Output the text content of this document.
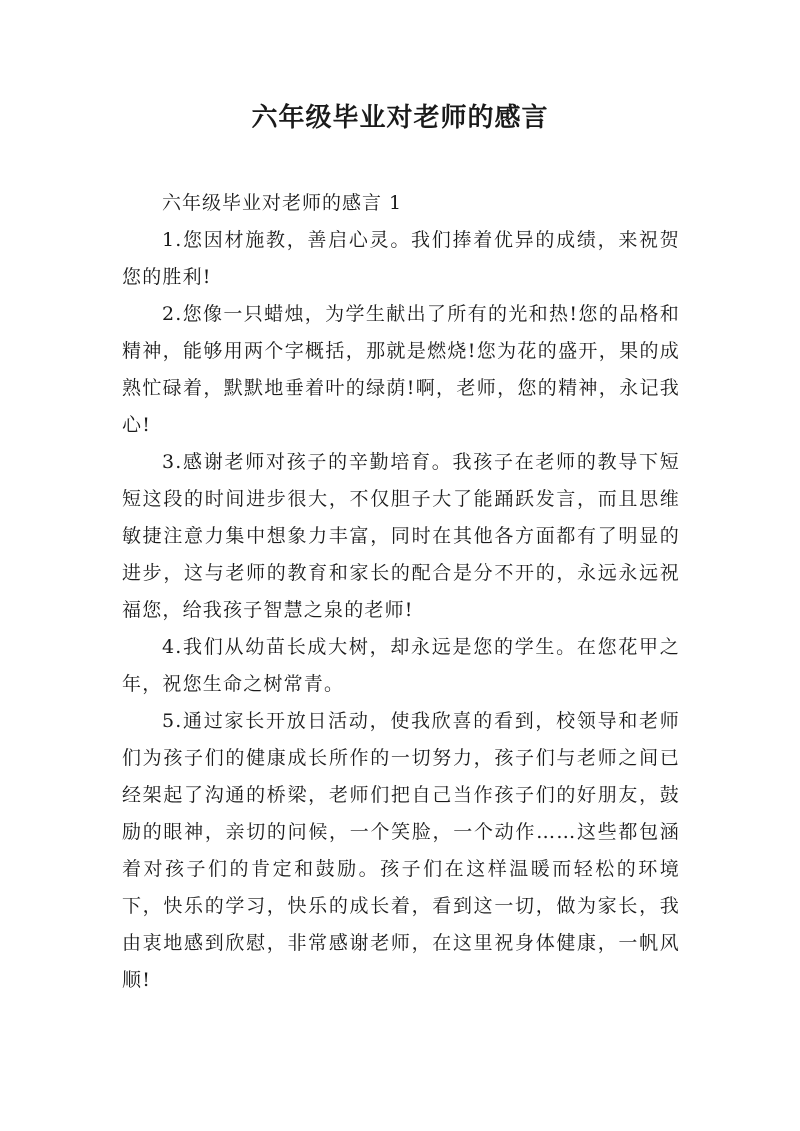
六年级毕业对老师的感言

六年级毕业对老师的感言 1

1.您因材施教，善启心灵。我们捧着优异的成绩，来祝贺您的胜利!

2.您像一只蜡烛，为学生献出了所有的光和热!您的品格和精神，能够用两个字概括，那就是燃烧!您为花的盛开，果的成熟忙碌着，默默地垂着叶的绿荫!啊，老师，您的精神，永记我心!

3.感谢老师对孩子的辛勤培育。我孩子在老师的教导下短短这段的时间进步很大，不仅胆子大了能踊跃发言，而且思维敏捷注意力集中想象力丰富，同时在其他各方面都有了明显的进步，这与老师的教育和家长的配合是分不开的，永远永远祝福您，给我孩子智慧之泉的老师!

4.我们从幼苗长成大树，却永远是您的学生。在您花甲之年，祝您生命之树常青。

5.通过家长开放日活动，使我欣喜的看到，校领导和老师们为孩子们的健康成长所作的一切努力，孩子们与老师之间已经架起了沟通的桥梁，老师们把自己当作孩子们的好朋友，鼓励的眼神，亲切的问候，一个笑脸，一个动作……这些都包涵着对孩子们的肯定和鼓励。孩子们在这样温暖而轻松的环境下，快乐的学习，快乐的成长着，看到这一切，做为家长，我由衷地感到欣慰，非常感谢老师，在这里祝身体健康，一帆风顺!
